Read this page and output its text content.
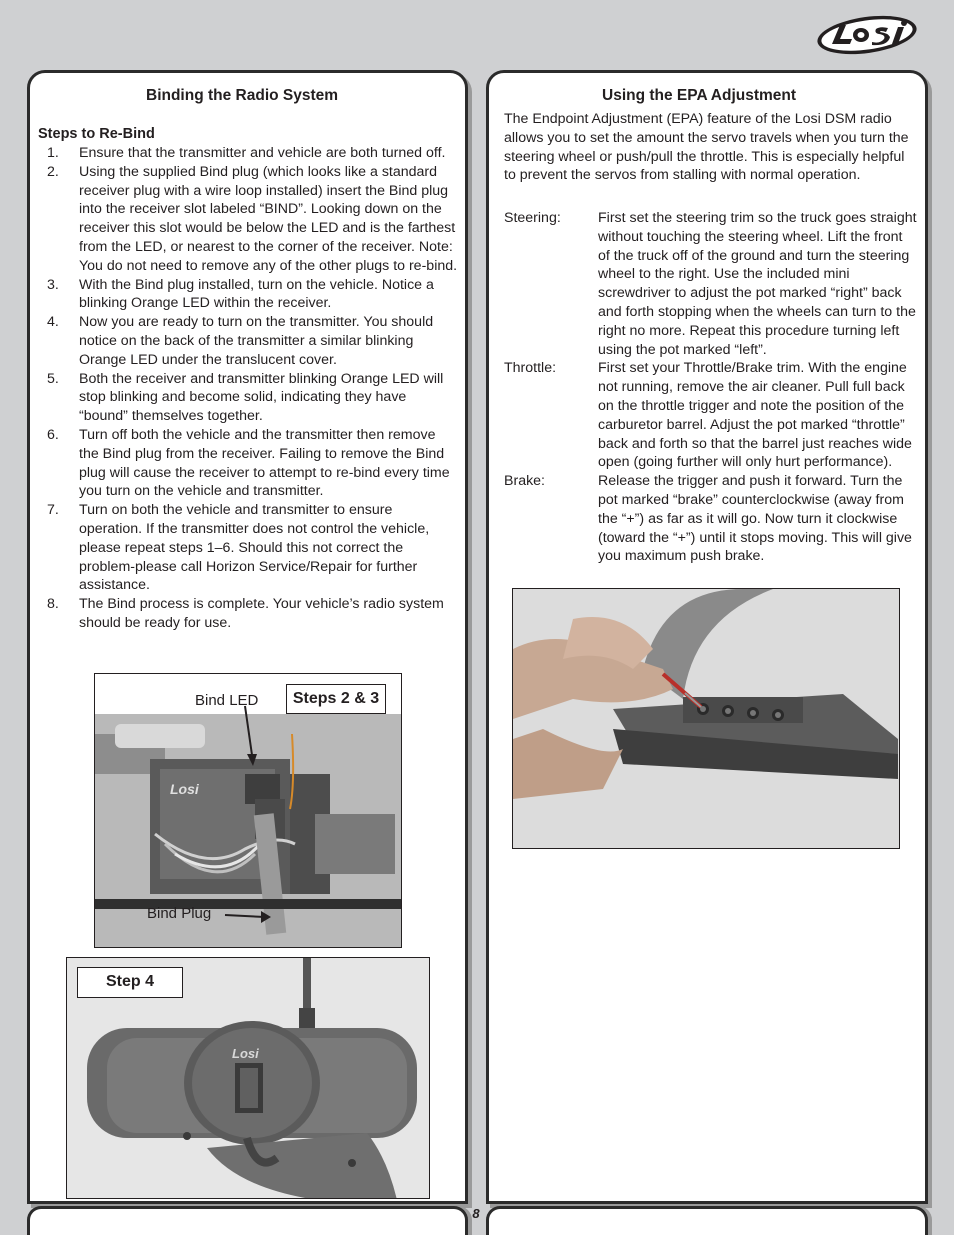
8
Binding the Radio System
Steps to Re-Bind
1. Ensure that the transmitter and vehicle are both turned off.
2. Using the supplied Bind plug (which looks like a standard receiver plug with a wire loop installed) insert the Bind plug into the receiver slot labeled “BIND”. Looking down on the receiver this slot would be below the LED and is the farthest from the LED, or nearest to the corner of the receiver. Note: You do not need to remove any of the other plugs to re-bind.
3. With the Bind plug installed, turn on the vehicle. Notice a blinking Orange LED within the receiver.
4. Now you are ready to turn on the transmitter. You should notice on the back of the transmitter a similar blinking Orange LED under the translucent cover.
5. Both the receiver and transmitter blinking Orange LED will stop blinking and become solid, indicating they have “bound” themselves together.
6. Turn off both the vehicle and the transmitter then remove the Bind plug from the receiver. Failing to remove the Bind plug will cause the receiver to attempt to re-bind every time you turn on the vehicle and transmitter.
7. Turn on both the vehicle and transmitter to ensure operation. If the transmitter does not control the vehicle, please repeat steps 1–6. Should this not correct the problem-please call Horizon Service/Repair for further assistance.
8. The Bind process is complete. Your vehicle’s radio system should be ready for use.
Losi
Bind LED
Bind Plug
Steps 2 & 3
Losi
Step 4
Using the EPA Adjustment
The Endpoint Adjustment (EPA) feature of the Losi DSM radio allows you to set the amount the servo travels when you turn the steering wheel or push/pull the throttle. This is especially helpful to prevent the servos from stalling with normal operation.
Steering:	First set the steering trim so the truck goes straight without touching the steering wheel. Lift the front of the truck off of the ground and turn the steering wheel to the right. Use the included mini screwdriver to adjust the pot marked “right” back and forth stopping when the wheels can turn to the right no more. Repeat this procedure turning left using the pot marked “left”.
Throttle:	First set your Throttle/Brake trim. With the engine not running, remove the air cleaner. Pull full back on the throttle trigger and note the position of the carburetor barrel. Adjust the pot marked “throttle” back and forth so that the barrel just reaches wide open (going further will only hurt performance).
Brake:	Release the trigger and push it forward. Turn the pot marked “brake” counterclockwise (away from the “+”) as far as it will go. Now turn it clockwise (toward the “+”) until it stops moving. This will give you maximum push brake.
